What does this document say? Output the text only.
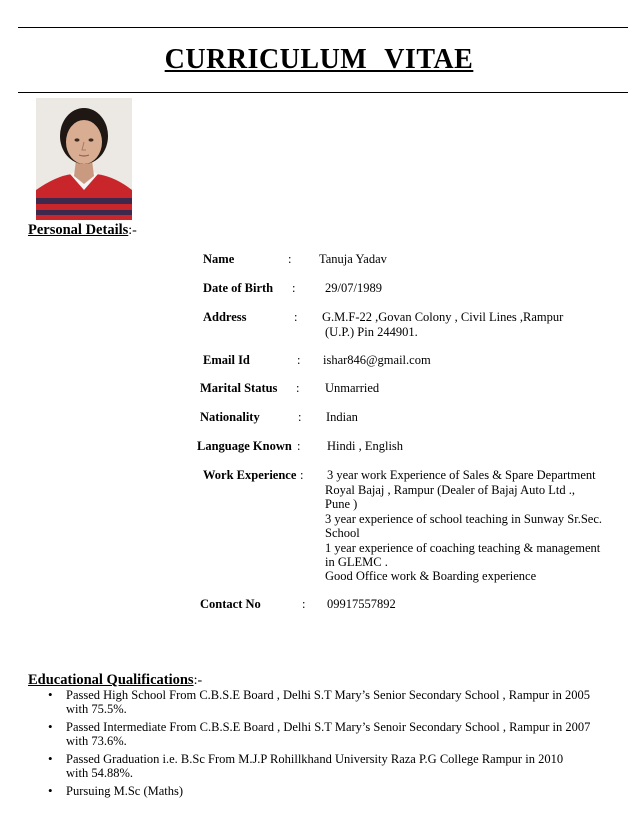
CURRICULUM VITAE
Personal Details:-
Name	: Tanuja Yadav
Date of Birth : 29/07/1989
Address	: G.M.F-22 ,Govan Colony , Civil Lines ,Rampur
(U.P.) Pin 244901.
Email Id	: ishar846@gmail.com
Marital Status : Unmarried
Nationality	: Indian
Language Known : Hindi , English
Work Experience : 3 year work Experience of Sales & Spare Department
Royal Bajaj , Rampur (Dealer of Bajaj Auto Ltd .,
Pune )
3 year experience of school teaching in Sunway Sr.Sec.
School
1 year experience of coaching teaching & management
in GLEMC .
Good Office work & Boarding experience
Contact No	: 09917557892
Educational Qualifications:-
• Passed High School From C.B.S.E Board , Delhi S.T Mary’s Senior Secondary School , Rampur in 2005
with 75.5%.
• Passed Intermediate From C.B.S.E Board , Delhi S.T Mary’s Senoir Secondary School , Rampur in 2007
with 73.6%.
• Passed Graduation i.e. B.Sc From M.J.P Rohillkhand University Raza P.G College Rampur in 2010
with 54.88%.
• Pursuing M.Sc (Maths)
